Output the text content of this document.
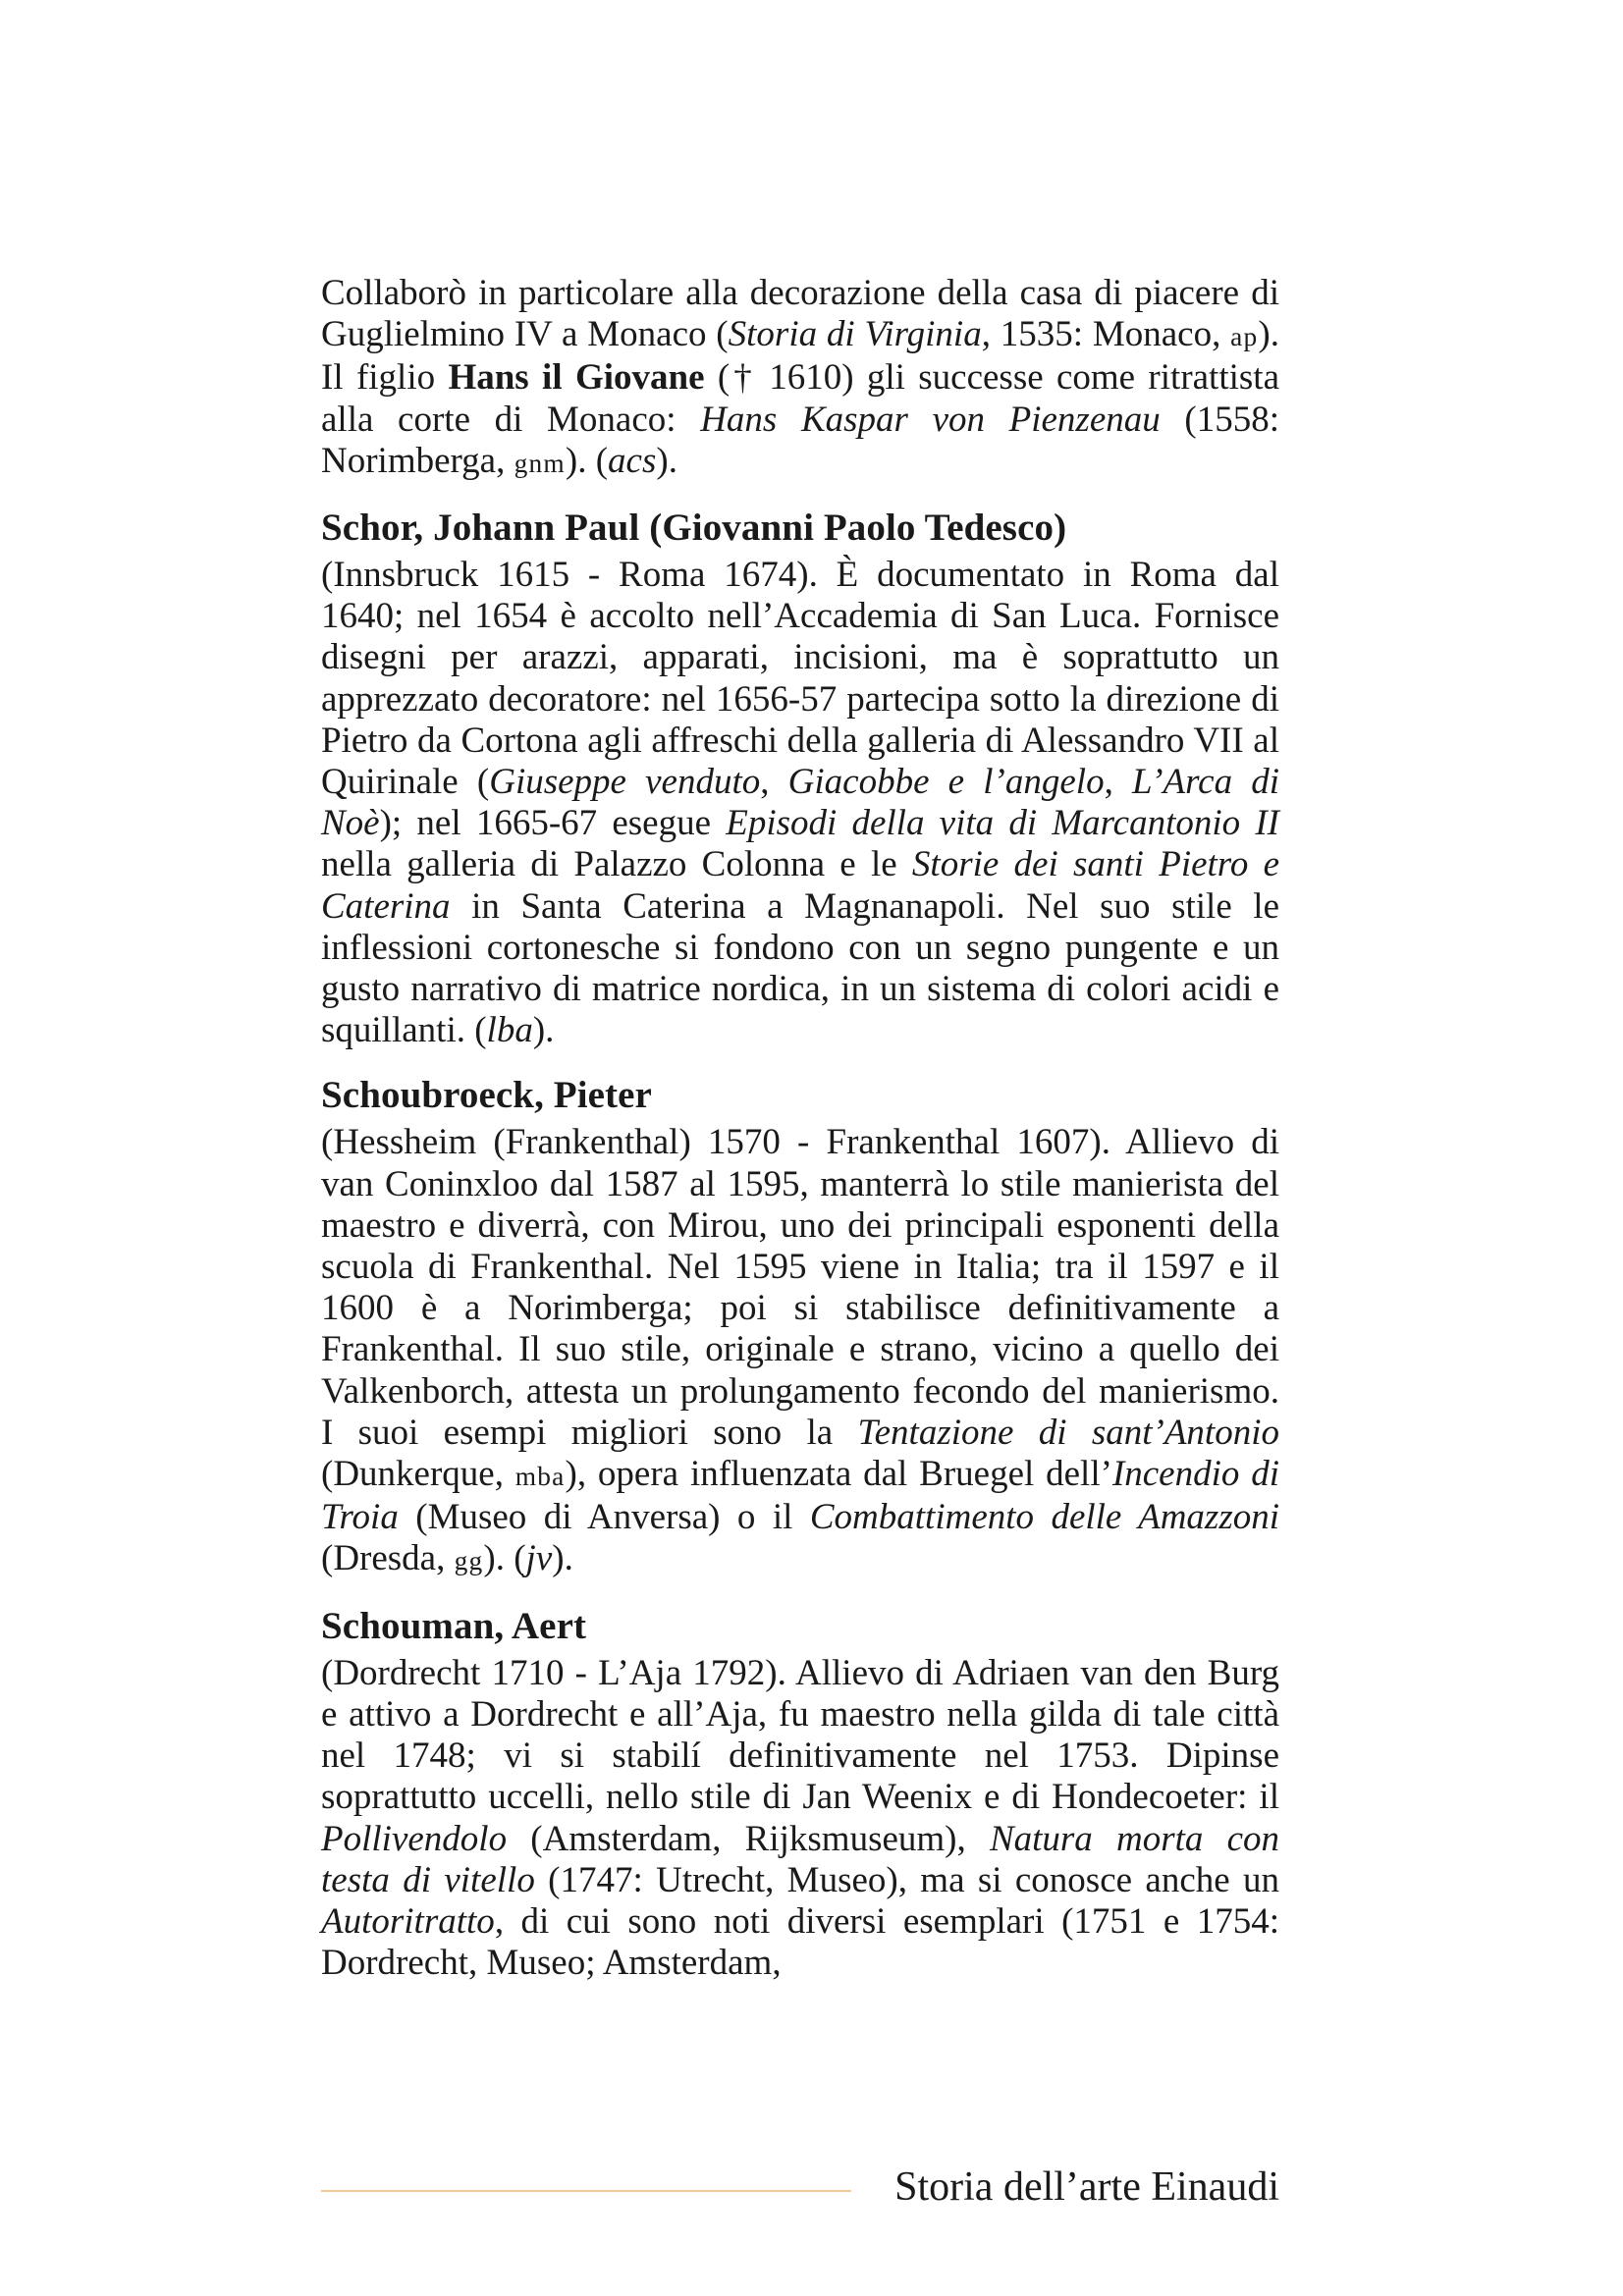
Collaborò in particolare alla decorazione della casa di piacere di Guglielmino IV a Monaco (Storia di Virginia, 1535: Monaco, ap). Il figlio Hans il Giovane († 1610) gli successe come ritrattista alla corte di Monaco: Hans Kaspar von Pienzenau (1558: Norimberga, gnm). (acs).

Schor, Johann Paul (Giovanni Paolo Tedesco)

(Innsbruck 1615 - Roma 1674). È documentato in Roma dal 1640; nel 1654 è accolto nell’Accademia di San Luca. Fornisce disegni per arazzi, apparati, incisioni, ma è soprattutto un apprezzato decoratore: nel 1656-57 partecipa sotto la direzione di Pietro da Cortona agli affreschi della galleria di Alessandro VII al Quirinale (Giuseppe venduto, Giacobbe e l’angelo, L’Arca di Noè); nel 1665-67 esegue Episodi della vita di Marcantonio II nella galleria di Palazzo Colonna e le Storie dei santi Pietro e Caterina in Santa Caterina a Magnanapoli. Nel suo stile le inflessioni cortonesche si fondono con un segno pungente e un gusto narrativo di matrice nordica, in un sistema di colori acidi e squillanti. (lba).

Schoubroeck, Pieter

(Hessheim (Frankenthal) 1570 - Frankenthal 1607). Allievo di van Coninxloo dal 1587 al 1595, manterrà lo stile manierista del maestro e diverrà, con Mirou, uno dei principali esponenti della scuola di Frankenthal. Nel 1595 viene in Italia; tra il 1597 e il 1600 è a Norimberga; poi si stabilisce definitivamente a Frankenthal. Il suo stile, originale e strano, vicino a quello dei Valkenborch, attesta un prolungamento fecondo del manierismo. I suoi esempi migliori sono la Tentazione di sant’Antonio (Dunkerque, mba), opera influenzata dal Bruegel dell’Incendio di Troia (Museo di Anversa) o il Combattimento delle Amazzoni (Dresda, gg). (jv).

Schouman, Aert

(Dordrecht 1710 - L’Aja 1792). Allievo di Adriaen van den Burg e attivo a Dordrecht e all’Aja, fu maestro nella gilda di tale città nel 1748; vi si stabilí definitivamente nel 1753. Dipinse soprattutto uccelli, nello stile di Jan Weenix e di Hondecoeter: il Pollivendolo (Amsterdam, Rijksmuseum), Natura morta con testa di vitello (1747: Utrecht, Museo), ma si conosce anche un Autoritratto, di cui sono noti diversi esemplari (1751 e 1754: Dordrecht, Museo; Amsterdam,

Storia dell’arte Einaudi
